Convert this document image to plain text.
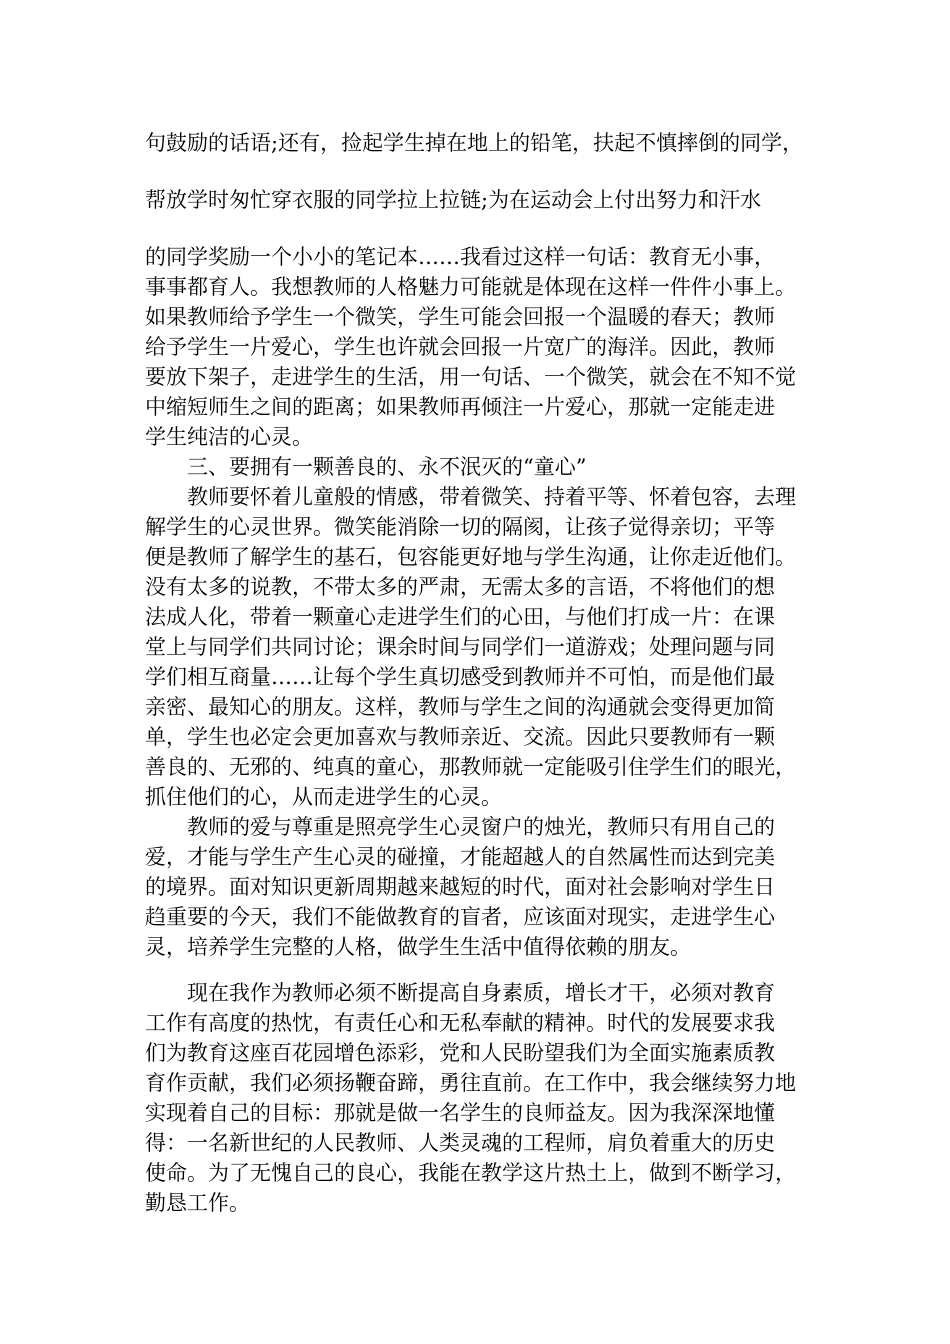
句鼓励的话语;还有，捡起学生掉在地上的铅笔，扶起不慎摔倒的同学，
帮放学时匆忙穿衣服的同学拉上拉链;为在运动会上付出努力和汗水
的同学奖励一个小小的笔记本……我看过这样一句话：教育无小事，
事事都育人。我想教师的人格魅力可能就是体现在这样一件件小事上。
如果教师给予学生一个微笑，学生可能会回报一个温暖的春天；教师
给予学生一片爱心，学生也许就会回报一片宽广的海洋。因此，教师
要放下架子，走进学生的生活，用一句话、一个微笑，就会在不知不觉
中缩短师生之间的距离；如果教师再倾注一片爱心，那就一定能走进
学生纯洁的心灵。
三、要拥有一颗善良的、永不泯灭的“童心”
教师要怀着儿童般的情感，带着微笑、持着平等、怀着包容，去理
解学生的心灵世界。微笑能消除一切的隔阂，让孩子觉得亲切；平等
便是教师了解学生的基石，包容能更好地与学生沟通，让你走近他们。
没有太多的说教，不带太多的严肃，无需太多的言语，不将他们的想
法成人化，带着一颗童心走进学生们的心田，与他们打成一片：在课
堂上与同学们共同讨论；课余时间与同学们一道游戏；处理问题与同
学们相互商量……让每个学生真切感受到教师并不可怕，而是他们最
亲密、最知心的朋友。这样，教师与学生之间的沟通就会变得更加简
单，学生也必定会更加喜欢与教师亲近、交流。因此只要教师有一颗
善良的、无邪的、纯真的童心，那教师就一定能吸引住学生们的眼光，
抓住他们的心，从而走进学生的心灵。
教师的爱与尊重是照亮学生心灵窗户的烛光，教师只有用自己的
爱，才能与学生产生心灵的碰撞，才能超越人的自然属性而达到完美
的境界。面对知识更新周期越来越短的时代，面对社会影响对学生日
趋重要的今天，我们不能做教育的盲者，应该面对现实，走进学生心
灵，培养学生完整的人格，做学生生活中值得依赖的朋友。
现在我作为教师必须不断提高自身素质，增长才干，必须对教育
工作有高度的热忱，有责任心和无私奉献的精神。时代的发展要求我
们为教育这座百花园增色添彩，党和人民盼望我们为全面实施素质教
育作贡献，我们必须扬鞭奋蹄，勇往直前。在工作中，我会继续努力地
实现着自己的目标：那就是做一名学生的良师益友。因为我深深地懂
得：一名新世纪的人民教师、人类灵魂的工程师，肩负着重大的历史
使命。为了无愧自己的良心，我能在教学这片热土上，做到不断学习，
勤恳工作。
